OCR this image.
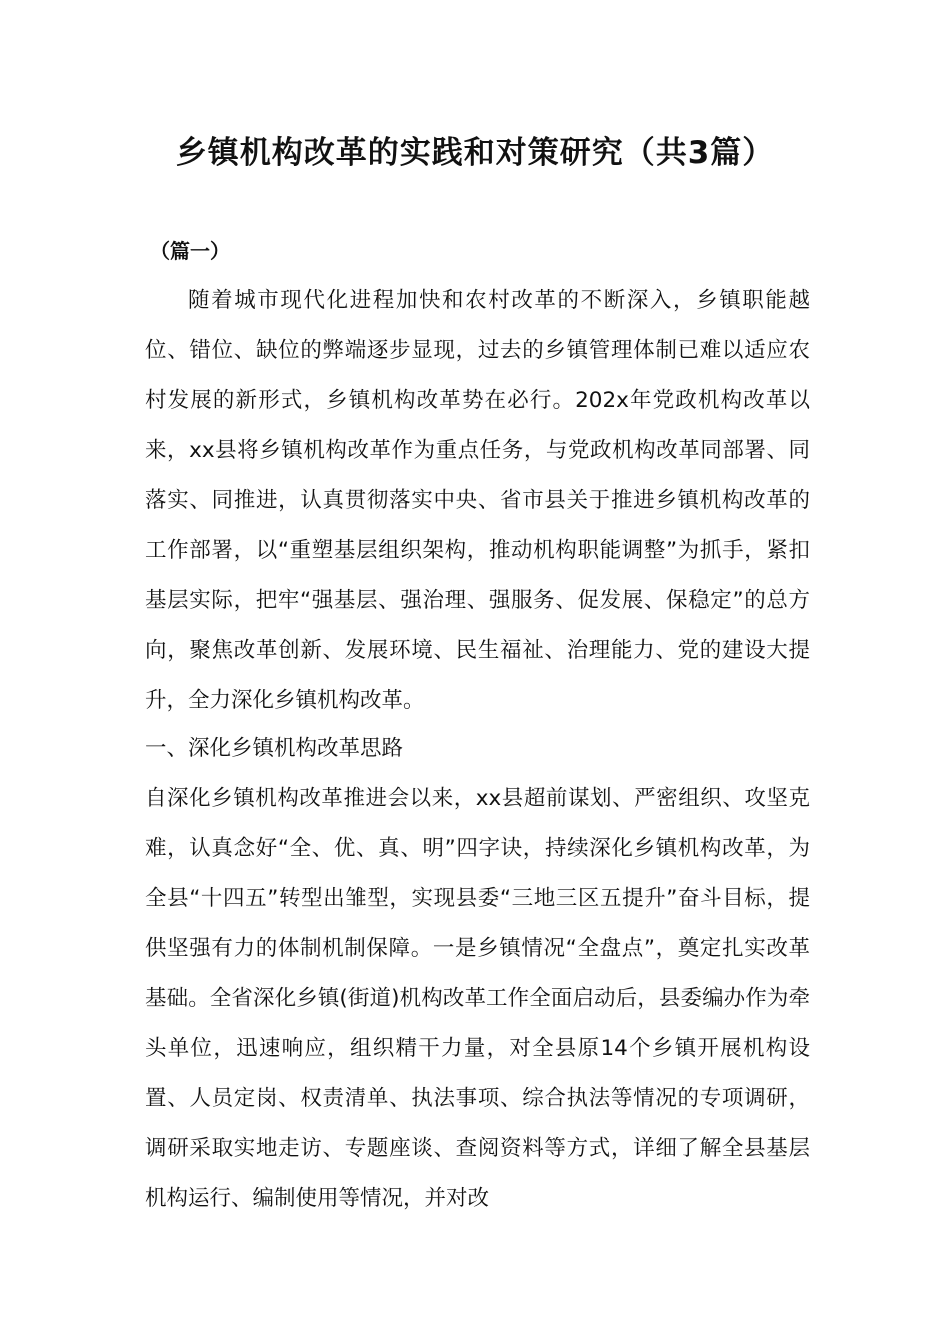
乡镇机构改革的实践和对策研究（共3篇）

（篇一）

随着城市现代化进程加快和农村改革的不断深入，乡镇职能越位、错位、缺位的弊端逐步显现，过去的乡镇管理体制已难以适应农村发展的新形式，乡镇机构改革势在必行。202x年党政机构改革以来，xx县将乡镇机构改革作为重点任务，与党政机构改革同部署、同落实、同推进，认真贯彻落实中央、省市县关于推进乡镇机构改革的工作部署，以“重塑基层组织架构，推动机构职能调整”为抓手，紧扣基层实际，把牢“强基层、强治理、强服务、促发展、保稳定”的总方向，聚焦改革创新、发展环境、民生福祉、治理能力、党的建设大提升，全力深化乡镇机构改革。

一、深化乡镇机构改革思路

自深化乡镇机构改革推进会以来，xx县超前谋划、严密组织、攻坚克难，认真念好“全、优、真、明”四字诀，持续深化乡镇机构改革，为全县“十四五”转型出雏型，实现县委“三地三区五提升”奋斗目标，提供坚强有力的体制机制保障。一是乡镇情况“全盘点”，奠定扎实改革基础。全省深化乡镇(街道)机构改革工作全面启动后，县委编办作为牵头单位，迅速响应，组织精干力量，对全县原14个乡镇开展机构设置、人员定岗、权责清单、执法事项、综合执法等情况的专项调研，调研采取实地走访、专题座谈、查阅资料等方式，详细了解全县基层机构运行、编制使用等情况，并对改
